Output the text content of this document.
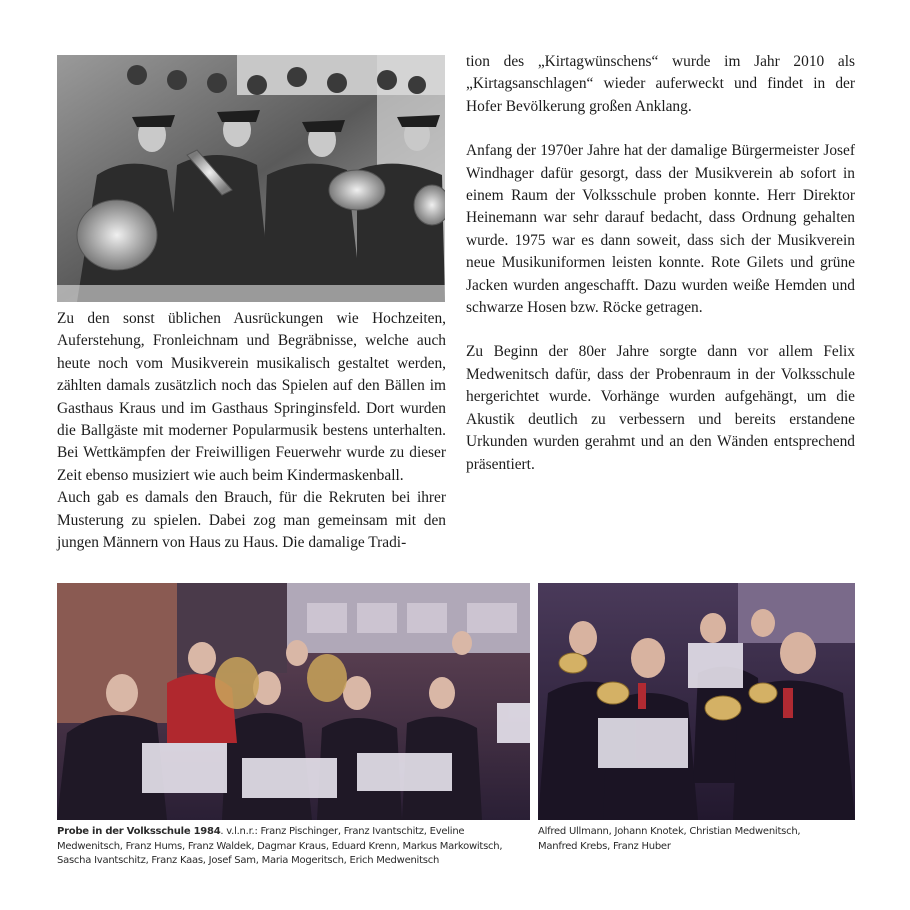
Zu den sonst üblichen Ausrückungen wie Hochzeiten, Auferstehung, Fronleichnam und Begräbnisse, welche auch heute noch vom Musikverein musikalisch gestaltet werden, zählten damals zusätzlich noch das Spielen auf den Bällen im Gasthaus Kraus und im Gasthaus Springinsfeld. Dort wurden die Ballgäste mit moderner Popularmusik bestens unterhalten. Bei Wettkämpfen der Freiwilligen Feuerwehr wurde zu dieser Zeit ebenso musiziert wie auch beim Kindermaskenball.

Auch gab es damals den Brauch, für die Rekruten bei ihrer Musterung zu spielen. Dabei zog man gemeinsam mit den jungen Männern von Haus zu Haus. Die damalige Tradi-

tion des „Kirtagwünschens“ wurde im Jahr 2010 als „Kirtagsanschlagen“ wieder auferweckt und findet in der Hofer Bevölkerung großen Anklang.

Anfang der 1970er Jahre hat der damalige Bürgermeister Josef Windhager dafür gesorgt, dass der Musikverein ab sofort in einem Raum der Volksschule proben konnte. Herr Direktor Heinemann war sehr darauf bedacht, dass Ordnung gehalten wurde. 1975 war es dann soweit, dass sich der Musikverein neue Musikuniformen leisten konnte. Rote Gilets und grüne Jacken wurden angeschafft. Dazu wurden weiße Hemden und schwarze Hosen bzw. Röcke getragen.

Zu Beginn der 80er Jahre sorgte dann vor allem Felix Medwenitsch dafür, dass der Probenraum in der Volksschule hergerichtet wurde. Vorhänge wurden aufgehängt, um die Akustik deutlich zu verbessern und bereits erstandene Urkunden wurden gerahmt und an den Wänden entsprechend präsentiert.

Probe in der Volksschule 1984. v.l.n.r.: Franz Pischinger, Franz Ivantschitz, Eveline Medwenitsch, Franz Hums, Franz Waldek, Dagmar Kraus, Eduard Krenn, Markus Markowitsch, Sascha Ivantschitz, Franz Kaas, Josef Sam, Maria Mogeritsch, Erich Medwenitsch
Alfred Ullmann, Johann Knotek, Christian Medwenitsch, Manfred Krebs, Franz Huber
